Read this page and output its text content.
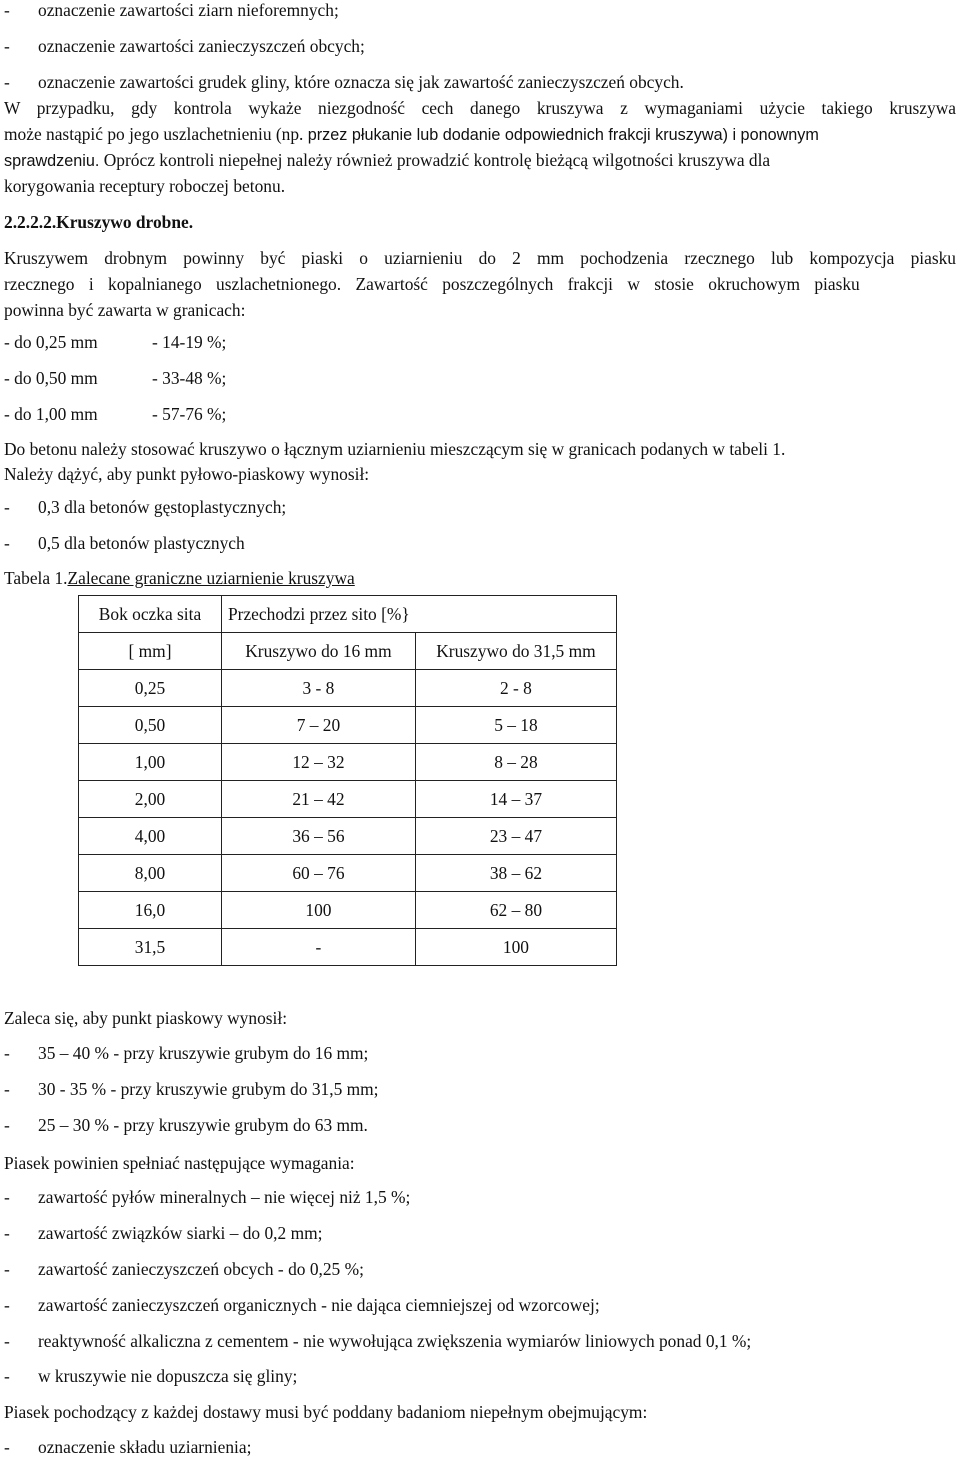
- oznaczenie zawartości ziarn nieforemnych;
- oznaczenie zawartości zanieczyszczeń obcych;
- oznaczenie zawartości grudek gliny, które oznacza się jak zawartość zanieczyszczeń obcych.
W przypadku, gdy kontrola wykaże niezgodność cech danego kruszywa z wymaganiami użycie takiego kruszywa
może nastąpić po jego uszlachetnieniu (np. przez płukanie lub dodanie odpowiednich frakcji kruszywa) i ponownym
sprawdzeniu. Oprócz kontroli niepełnej należy również prowadzić kontrolę bieżącą wilgotności kruszywa dla
korygowania receptury roboczej betonu.
2.2.2.2.Kruszywo drobne.
Kruszywem drobnym powinny być piaski o uziarnieniu do 2 mm pochodzenia rzecznego lub kompozycja piasku
rzecznego i kopalnianego uszlachetnionego. Zawartość poszczególnych frakcji w stosie okruchowym piasku
powinna być zawarta w granicach:
- do 0,25 mm	- 14-19 %;
- do 0,50 mm	- 33-48 %;
- do 1,00 mm	- 57-76 %;
Do betonu należy stosować kruszywo o łącznym uziarnieniu mieszczącym się w granicach podanych w tabeli 1.
Należy dążyć, aby punkt pyłowo-piaskowy wynosił:
- 0,3 dla betonów gęstoplastycznych;
- 0,5 dla betonów plastycznych
Tabela 1.Zalecane graniczne uziarnienie kruszywa
Bok oczka sita	Przechodzi przez sito [%}	
[ mm]	Kruszywo do 16 mm	Kruszywo do 31,5 mm
0,25	3 - 8	2 - 8
0,50	7 – 20	5 – 18
1,00	12 – 32	8 – 28
2,00	21 – 42	14 – 37
4,00	36 – 56	23 – 47
8,00	60 – 76	38 – 62
16,0	100	62 – 80
31,5	-	100
Zaleca się, aby punkt piaskowy wynosił:
- 35 – 40 % - przy kruszywie grubym do 16 mm;
- 30 - 35 % - przy kruszywie grubym do 31,5 mm;
- 25 – 30 % - przy kruszywie grubym do 63 mm.
Piasek powinien spełniać następujące wymagania:
- zawartość pyłów mineralnych – nie więcej niż 1,5 %;
- zawartość związków siarki – do 0,2 mm;
- zawartość zanieczyszczeń obcych - do 0,25 %;
- zawartość zanieczyszczeń organicznych - nie dająca ciemniejszej od wzorcowej;
- reaktywność alkaliczna z cementem - nie wywołująca zwiększenia wymiarów liniowych ponad 0,1 %;
- w kruszywie nie dopuszcza się gliny;
Piasek pochodzący z każdej dostawy musi być poddany badaniom niepełnym obejmującym:
- oznaczenie składu uziarnienia;
